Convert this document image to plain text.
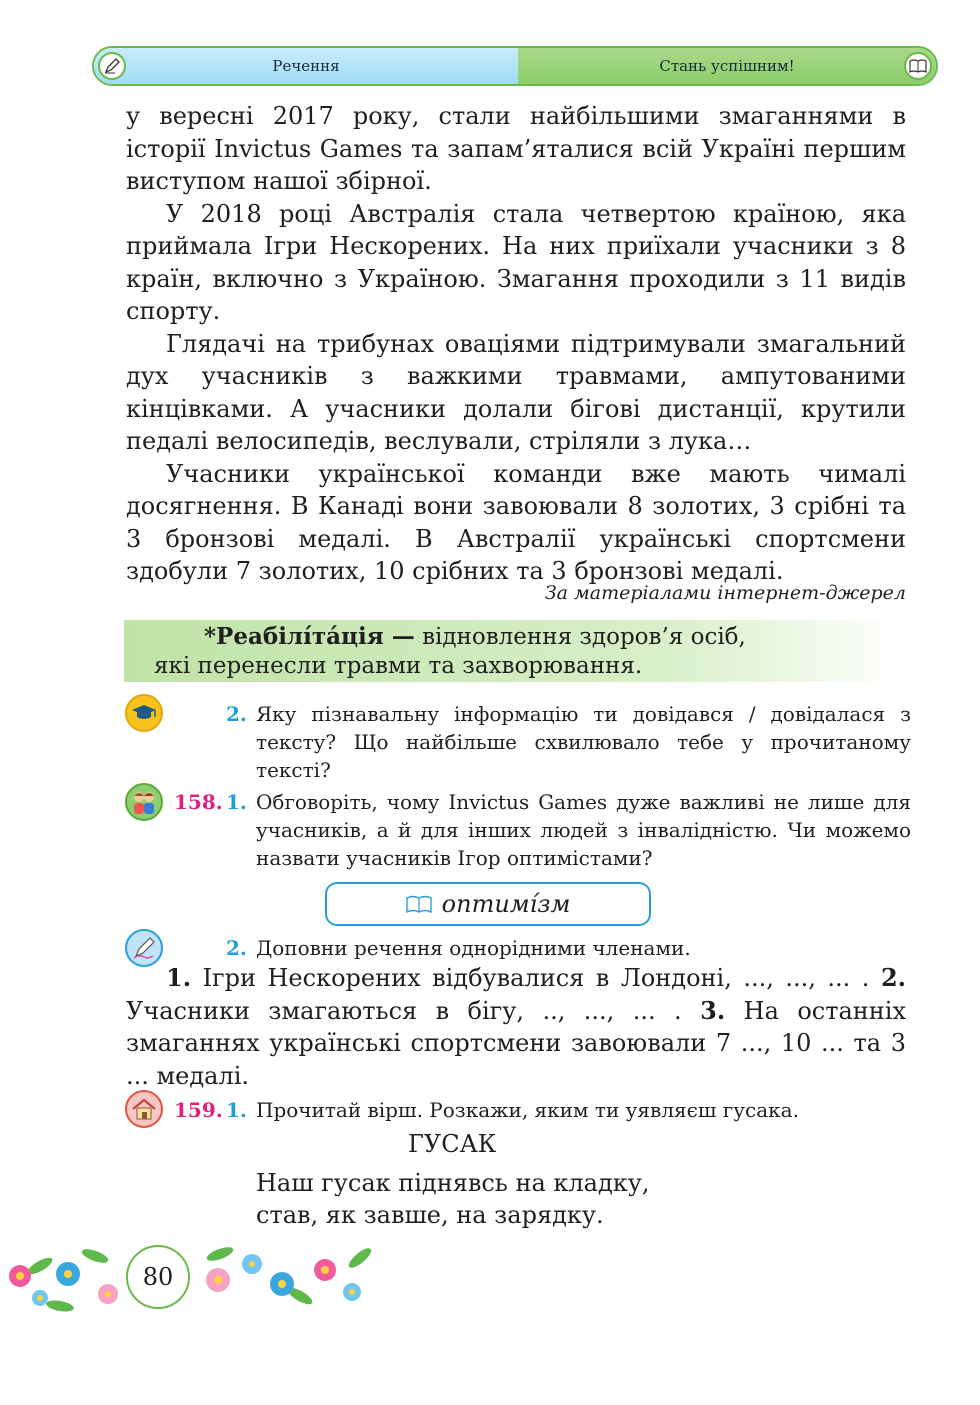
Речення	Стань успішним!

у вересні 2017 року, стали найбільшими змаганнями в історії Invictus Games та запам’яталися всій Україні першим виступом нашої збірної.

У 2018 році Австралія стала четвертою країною, яка приймала Ігри Нескорених. На них приїхали учасники з 8 країн, включно з Україною. Змагання проходили з 11 видів спорту.

Глядачі на трибунах оваціями підтримували змагальний дух учасників з важкими травмами, ампутованими кінцівками. А учасники долали бігові дистанції, крутили педалі велосипедів, веслували, стріляли з лука…

Учасники української команди вже мають чималі досягнення. В Канаді вони завоювали 8 золотих, 3 срібні та 3 бронзові медалі. В Австралії українські спортсмени здобули 7 золотих, 10 срібних та 3 бронзові медалі.

За матеріалами інтернет-джерел
*Реабілíта́ція — відновлення здоров’я осіб,
які перенесли травми та захворювання.
2. Яку пізнавальну інформацію ти довідався / довідалася з тексту? Що найбільше схвилювало тебе у прочитаному тексті?
158. 1. Обговоріть, чому Invictus Games дуже важливі не лише для учасників, а й для інших людей з інвалідністю. Чи можемо назвати учасників Ігор оптимістами?
оптимі́зм
2. Доповни речення однорідними членами.

1. Ігри Нескорених відбувалися в Лондоні, ..., ..., ... . 2. Учасники змагаються в бігу, .., ..., ... . 3. На останніх змаганнях українські спортсмени завоювали 7 ..., 10 ... та 3 ... медалі.

159. 1. Прочитай вірш. Розкажи, яким ти уявляєш гусака.
ГУСАК
Наш гусак піднявсь на кладку,
став, як завше, на зарядку.
80
